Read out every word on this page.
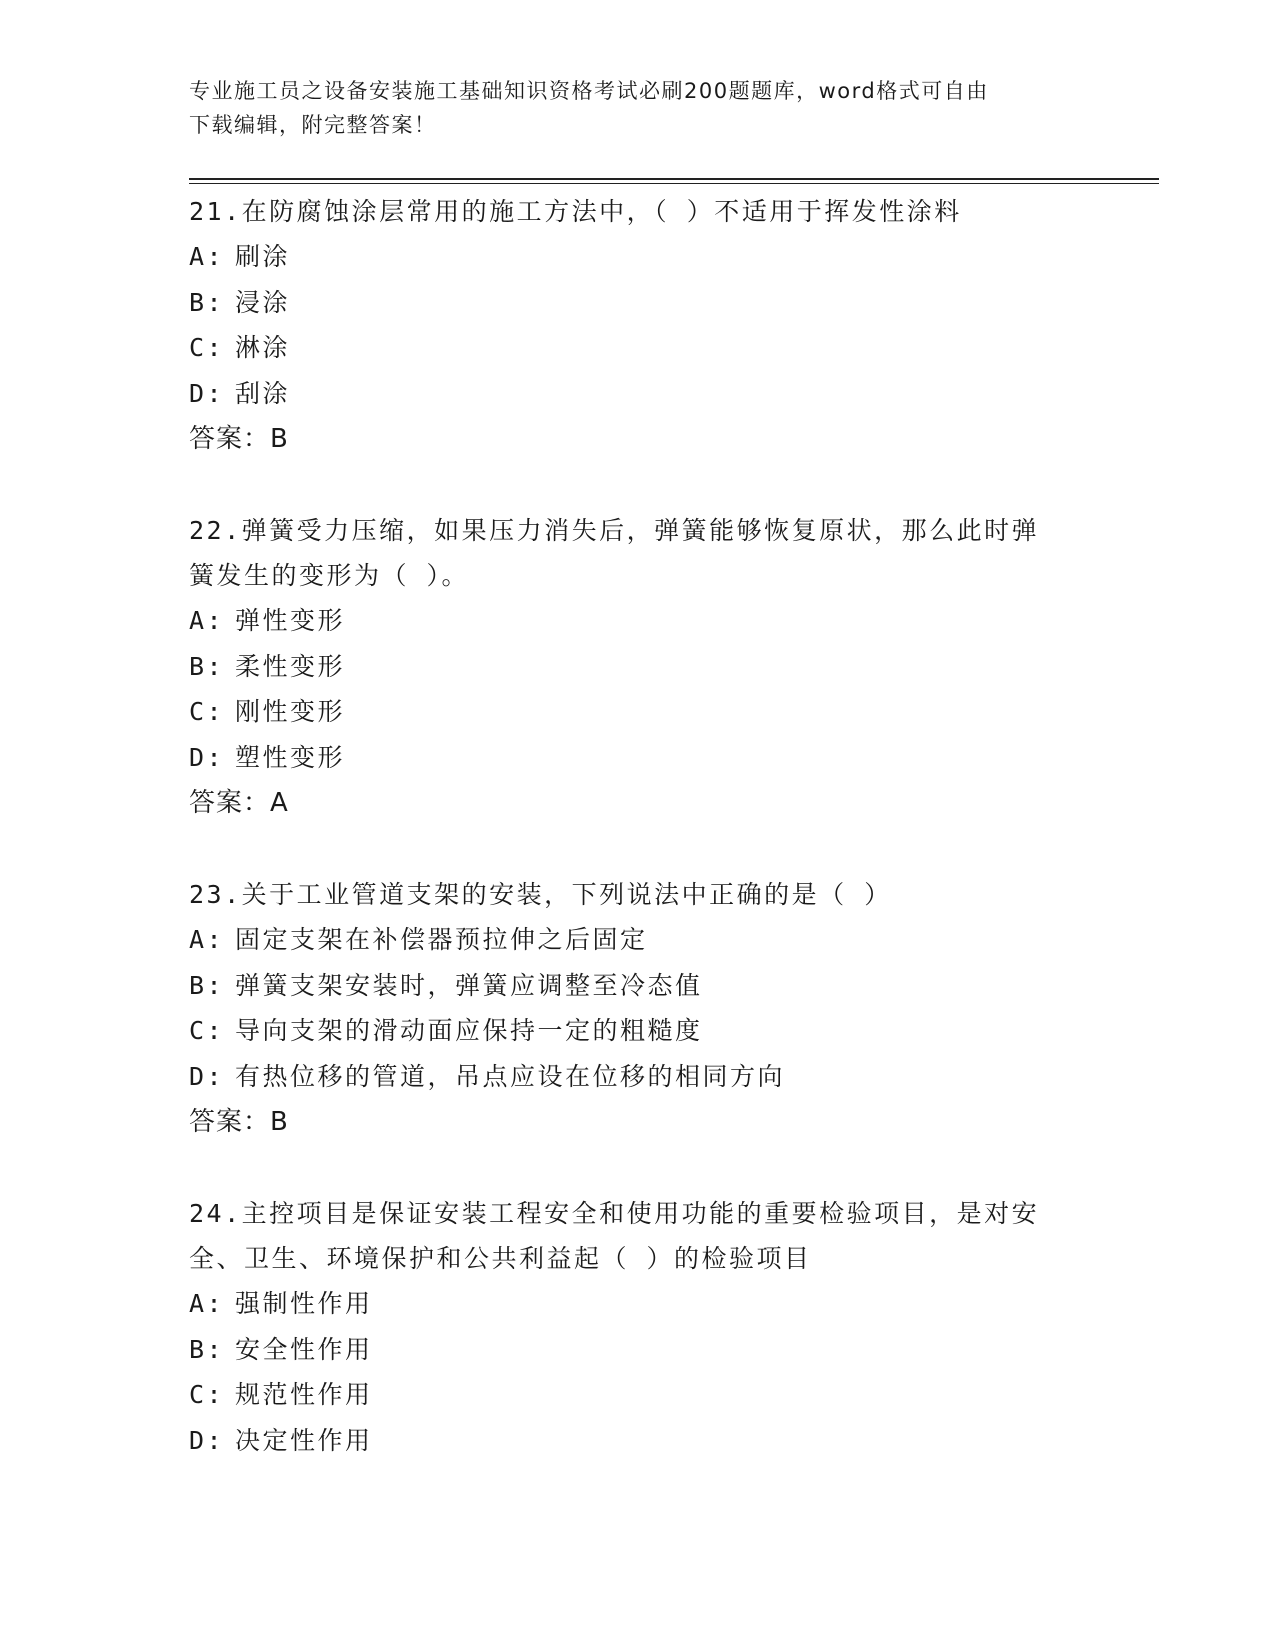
专业施工员之设备安装施工基础知识资格考试必刷200题题库，word格式可自由
下载编辑，附完整答案！
21.在防腐蚀涂层常用的施工方法中，（ ）不适用于挥发性涂料
A: 刷涂
B: 浸涂
C: 淋涂
D: 刮涂
答案：B
22.弹簧受力压缩，如果压力消失后，弹簧能够恢复原状，那么此时弹
簧发生的变形为（ ）。
A: 弹性变形
B: 柔性变形
C: 刚性变形
D: 塑性变形
答案：A
23.关于工业管道支架的安装，下列说法中正确的是（ ）
A: 固定支架在补偿器预拉伸之后固定
B: 弹簧支架安装时，弹簧应调整至冷态值
C: 导向支架的滑动面应保持一定的粗糙度
D: 有热位移的管道，吊点应设在位移的相同方向
答案：B
24.主控项目是保证安装工程安全和使用功能的重要检验项目，是对安
全、卫生、环境保护和公共利益起（ ）的检验项目
A: 强制性作用
B: 安全性作用
C: 规范性作用
D: 决定性作用
